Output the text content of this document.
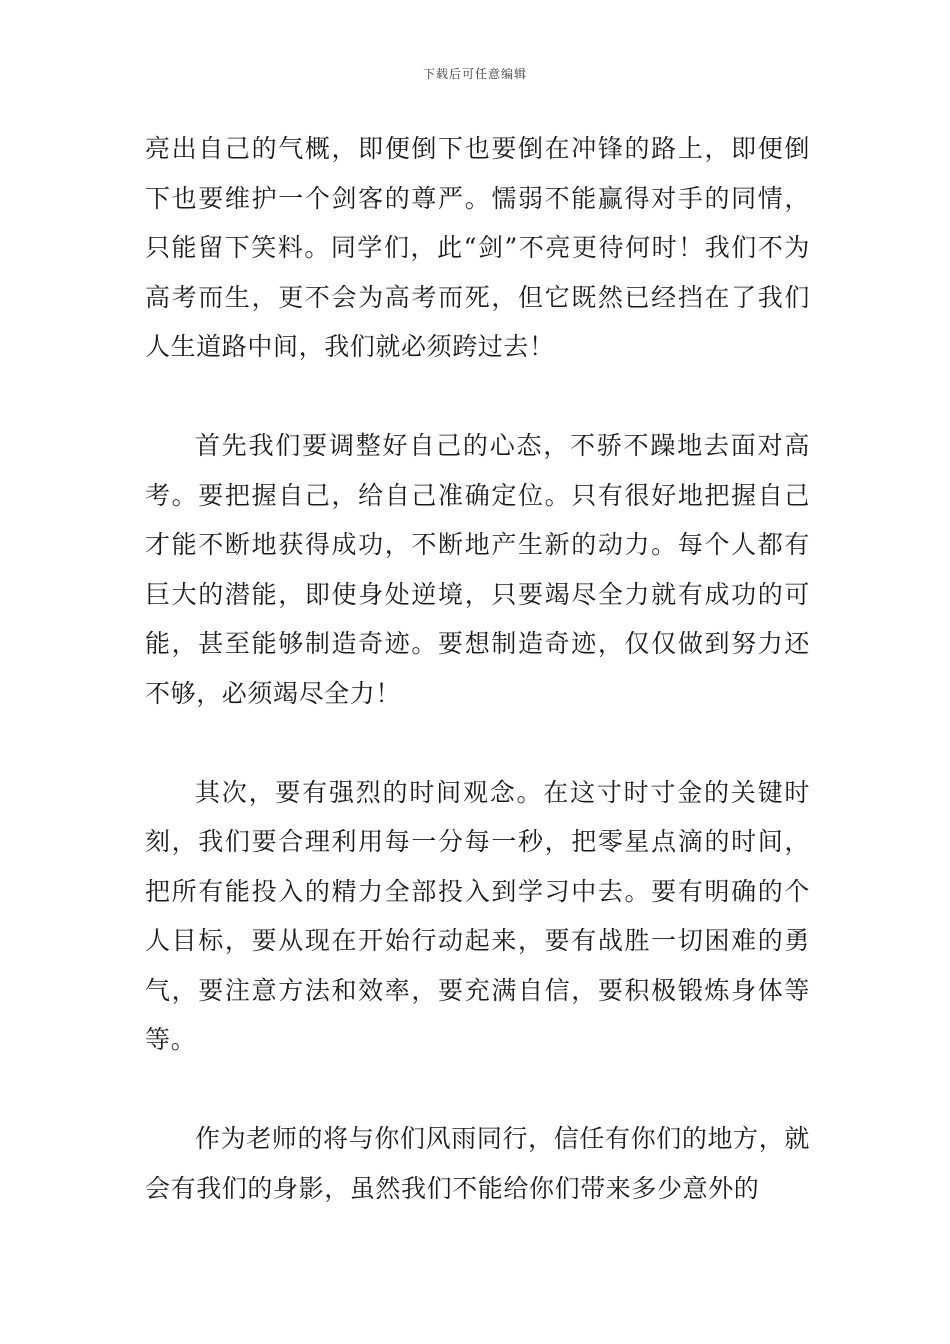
下载后可任意编辑

亮出自己的气概，即便倒下也要倒在冲锋的路上，即便倒下也要维护一个剑客的尊严。懦弱不能赢得对手的同情，只能留下笑料。同学们，此“剑”不亮更待何时！我们不为高考而生，更不会为高考而死，但它既然已经挡在了我们人生道路中间，我们就必须跨过去！

首先我们要调整好自己的心态，不骄不躁地去面对高考。要把握自己，给自己准确定位。只有很好地把握自己才能不断地获得成功，不断地产生新的动力。每个人都有巨大的潜能，即使身处逆境，只要竭尽全力就有成功的可能，甚至能够制造奇迹。要想制造奇迹，仅仅做到努力还不够，必须竭尽全力！

其次，要有强烈的时间观念。在这寸时寸金的关键时刻，我们要合理利用每一分每一秒，把零星点滴的时间，把所有能投入的精力全部投入到学习中去。要有明确的个人目标，要从现在开始行动起来，要有战胜一切困难的勇气，要注意方法和效率，要充满自信，要积极锻炼身体等等。

作为老师的将与你们风雨同行，信任有你们的地方，就会有我们的身影，虽然我们不能给你们带来多少意外的
